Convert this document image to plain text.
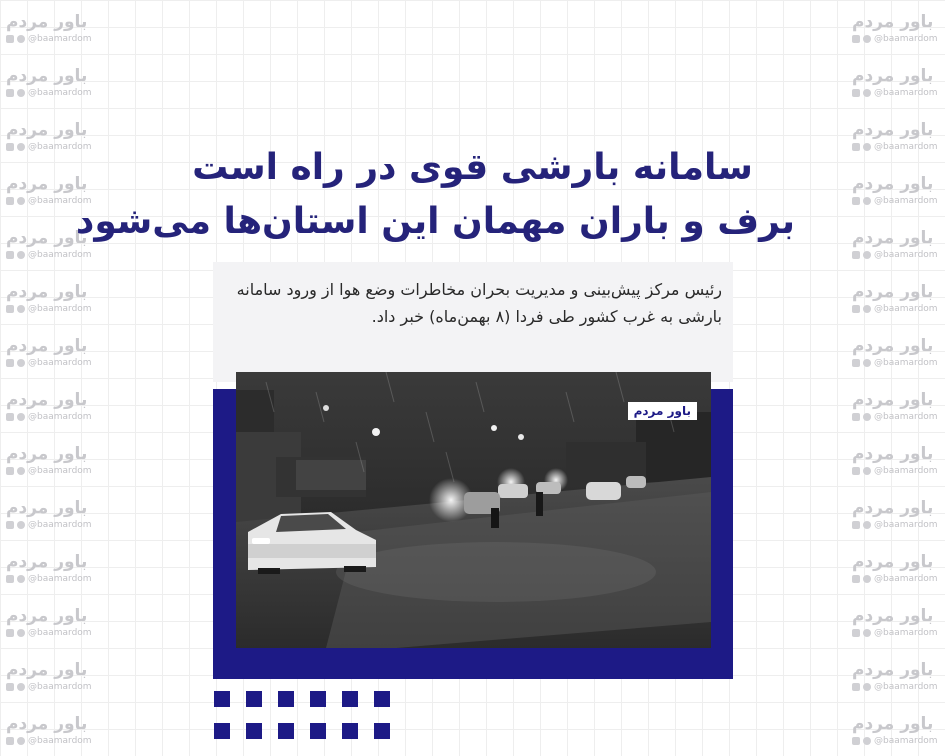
باور مردم
@baamardom
باور مردم
@baamardom
باور مردم
@baamardom
باور مردم
@baamardom
باور مردم
@baamardom
باور مردم
@baamardom
باور مردم
@baamardom
باور مردم
@baamardom
باور مردم
@baamardom
باور مردم
@baamardom
باور مردم
@baamardom
باور مردم
@baamardom
باور مردم
@baamardom
باور مردم
@baamardom
باور مردم
@baamardom
باور مردم
@baamardom
باور مردم
@baamardom
باور مردم
@baamardom
باور مردم
@baamardom
باور مردم
@baamardom
باور مردم
@baamardom
باور مردم
@baamardom
باور مردم
@baamardom
باور مردم
@baamardom
باور مردم
@baamardom
باور مردم
@baamardom
باور مردم
@baamardom
باور مردم
@baamardom
سامانه بارشی قوی در راه است
برف و باران مهمان این استان‌ها می‌شود

رئیس مرکز پیش‌بینی و مدیریت بحران مخاطرات وضع هوا از ورود سامانه بارشی به غرب کشور طی فردا (۸ بهمن‌ماه) خبر داد.

باور مردم
